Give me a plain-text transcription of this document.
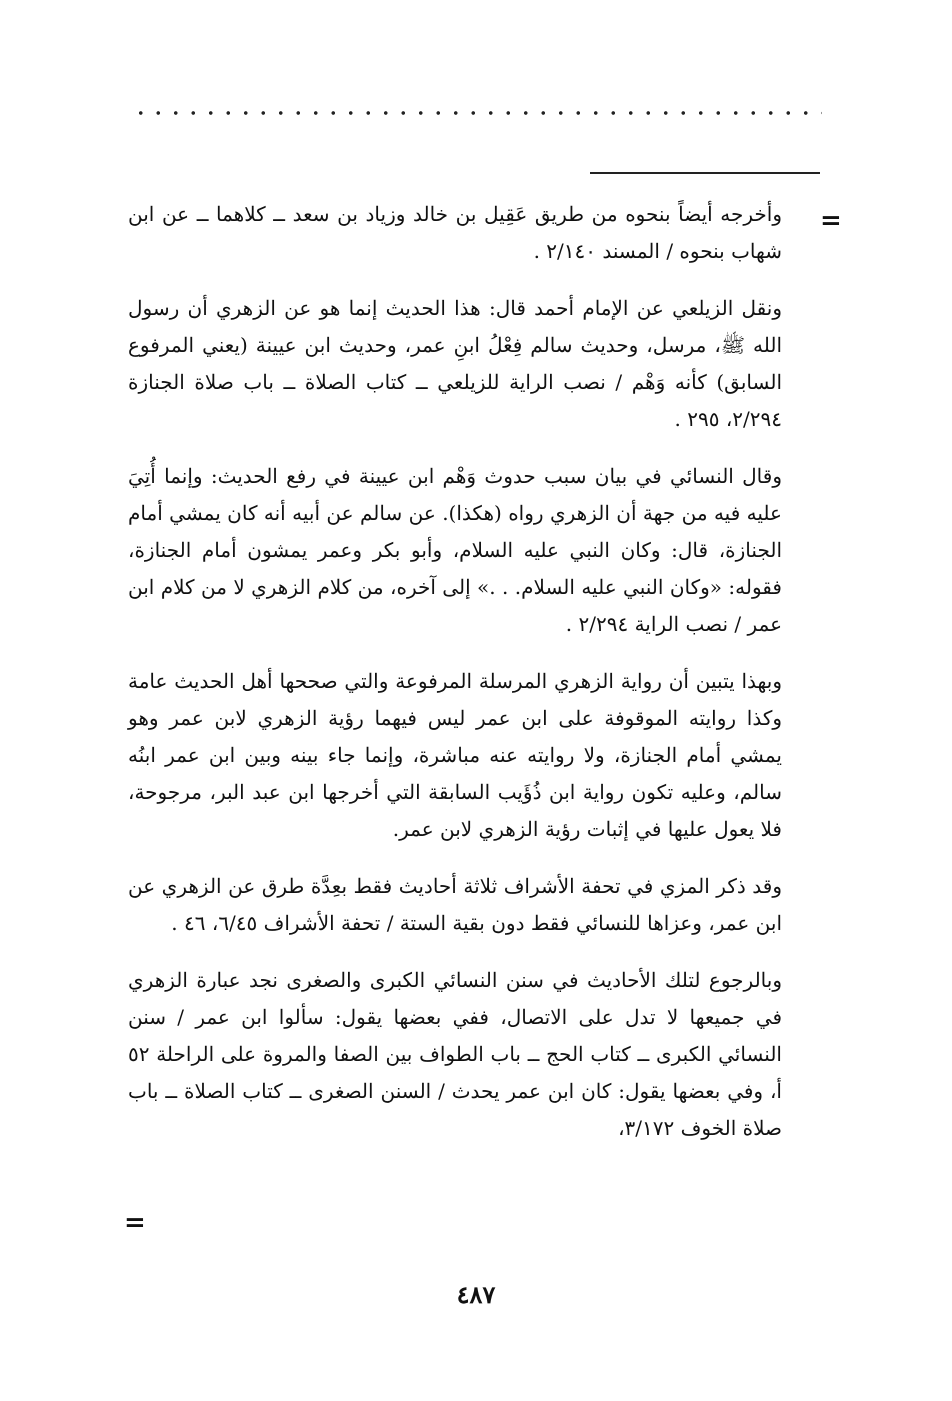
=

وأخرجه أيضاً بنحوه من طريق عَقِيل بن خالد وزياد بن سعد ــ كلاهما ــ عن ابن شهاب بنحوه / المسند ٢/١٤٠ .

ونقل الزيلعي عن الإمام أحمد قال: هذا الحديث إنما هو عن الزهري أن رسول الله ﷺ، مرسل، وحديث سالم فِعْلُ ابنِ عمر، وحديث ابن عيينة (يعني المرفوع السابق) كأنه وَهْم / نصب الراية للزيلعي ــ كتاب الصلاة ــ باب صلاة الجنازة ٢/٢٩٤، ٢٩٥ .

وقال النسائي في بيان سبب حدوث وَهْم ابن عيينة في رفع الحديث: وإنما أُتِيَ عليه فيه من جهة أن الزهري رواه (هكذا). عن سالم عن أبيه أنه كان يمشي أمام الجنازة، قال: وكان النبي عليه السلام، وأبو بكر وعمر يمشون أمام الجنازة، فقوله: «وكان النبي عليه السلام. . .» إلى آخره، من كلام الزهري لا من كلام ابن عمر / نصب الراية ٢/٢٩٤ .

وبهذا يتبين أن رواية الزهري المرسلة المرفوعة والتي صححها أهل الحديث عامة وكذا روايته الموقوفة على ابن عمر ليس فيهما رؤية الزهري لابن عمر وهو يمشي أمام الجنازة، ولا روايته عنه مباشرة، وإنما جاء بينه وبين ابن عمر ابنُه سالم، وعليه تكون رواية ابن ذُؤَيب السابقة التي أخرجها ابن عبد البر، مرجوحة، فلا يعول عليها في إثبات رؤية الزهري لابن عمر.

وقد ذكر المزي في تحفة الأشراف ثلاثة أحاديث فقط بعِدَّة طرق عن الزهري عن ابن عمر، وعزاها للنسائي فقط دون بقية الستة / تحفة الأشراف ٦/٤٥، ٤٦ .

وبالرجوع لتلك الأحاديث في سنن النسائي الكبرى والصغرى نجد عبارة الزهري في جميعها لا تدل على الاتصال، ففي بعضها يقول: سألوا ابن عمر / سنن النسائي الكبرى ــ كتاب الحج ــ باب الطواف بين الصفا والمروة على الراحلة ٥٢ أ، وفي بعضها يقول: كان ابن عمر يحدث / السنن الصغرى ــ كتاب الصلاة ــ باب صلاة الخوف ٣/١٧٢،

=
٤٨٧
